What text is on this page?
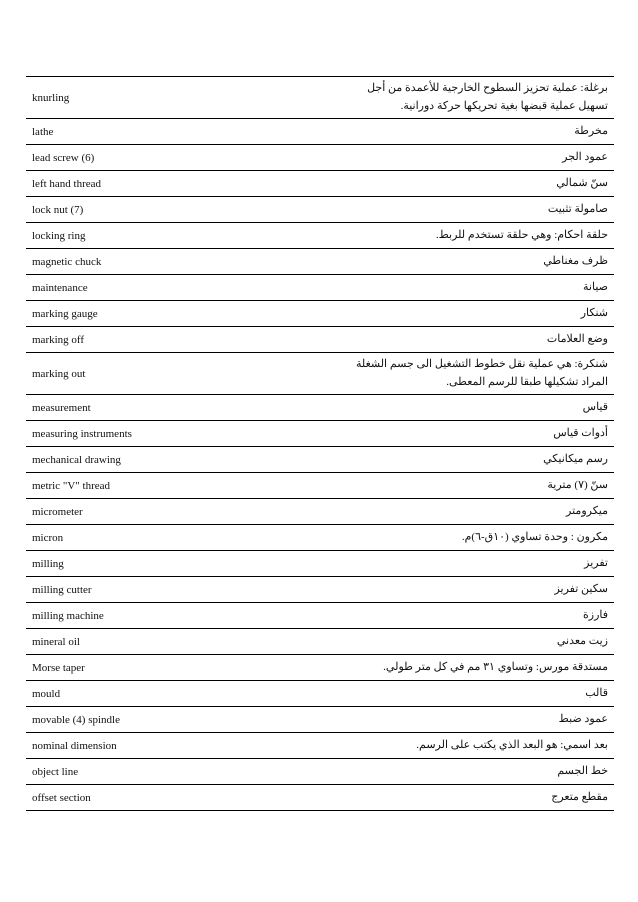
knurling	برغلة: عملية تحزيز السطوح الخارجية للأعمدة من أجل تسهيل عملية قبضها بغية تحريكها حركة دورانية.
lathe	مخرطة
lead screw (6)	عمود الجر
left hand thread	سنّ شمالي
lock nut (7)	صامولة تثبيت
locking ring	حلقة احكام: وهي حلقة تستخدم للربط.
magnetic chuck	ظرف مغناطي
maintenance	صيانة
marking gauge	شنكار
marking off	وضع العلامات
marking out	شنكرة: هي عملية نقل خطوط التشغيل الى جسم الشغلة المراد تشكيلها طبقا للرسم المعطى.
measurement	قياس
measuring instruments	أدوات قياس
mechanical drawing	رسم ميكانيكي
metric "V" thread	سنّ (٧) مترية
micrometer	ميكرومتر
micron	مكرون : وحدة تساوي (١٠ق-٦)م.
milling	تفريز
milling cutter	سكين تفريز
milling machine	فارزة
mineral oil	زيت معدني
Morse taper	مستدقة مورس: وتساوي ٣١ مم في كل متر طولي.
mould	قالب
movable (4) spindle	عمود ضبط
nominal dimension	بعد اسمي: هو البعد الذي يكتب على الرسم.
object line	خط الجسم
offset section	مقطع متعرج
